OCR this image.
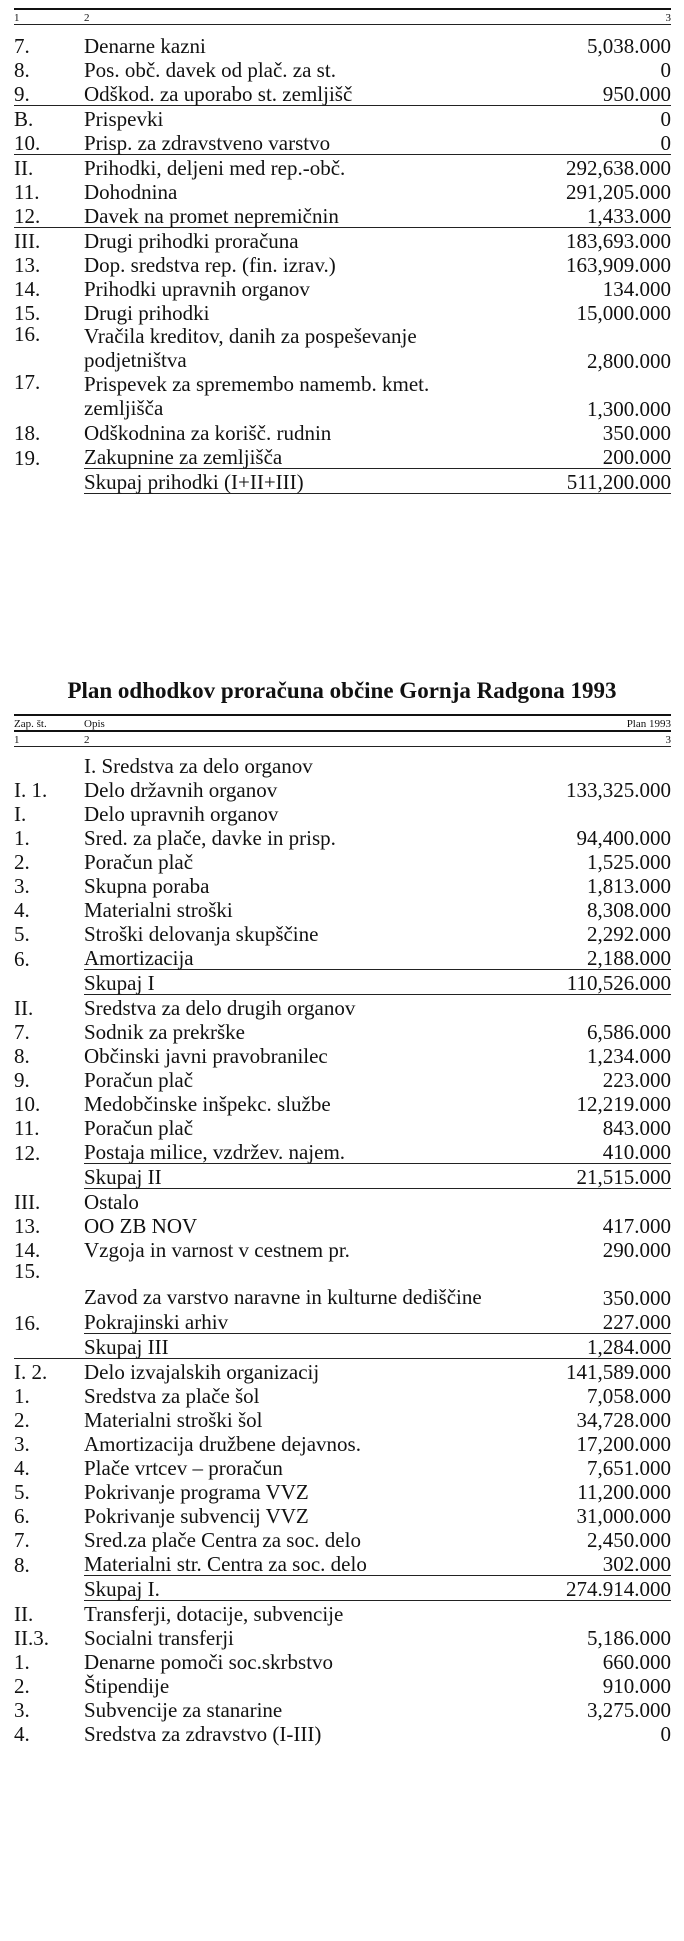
1	2	3

7.	Denarne kazni	5,038.000
8.	Pos. obč. davek od plač. za st.	0
9.	Odškod. za uporabo st. zemljišč	950.000
B.	Prispevki	0
10.	Prisp. za zdravstveno varstvo	0
II.	Prihodki, deljeni med rep.-obč.	292,638.000
11.	Dohodnina	291,205.000
12.	Davek na promet nepremičnin	1,433.000
III.	Drugi prihodki proračuna	183,693.000
13.	Dop. sredstva rep. (fin. izrav.)	163,909.000
14.	Prihodki upravnih organov	134.000
15.	Drugi prihodki	15,000.000
16.	Vračila kreditov, danih za pospeševanje podjetništva	2,800.000
17.	Prispevek za spremembo namemb. kmet. zemljišča	1,300.000
18.	Odškodnina za korišč. rudnin	350.000
19.	Zakupnine za zemljišča	200.000
	Skupaj prihodki (I+II+III)	511,200.000
Plan odhodkov proračuna občine Gornja Radgona 1993
Zap. št.	Opis	Plan 1993
1	2	3

	I. Sredstva za delo organov	
I. 1.	Delo državnih organov	133,325.000
I.	Delo upravnih organov	
1.	Sred. za plače, davke in prisp.	94,400.000
2.	Poračun plač	1,525.000
3.	Skupna poraba	1,813.000
4.	Materialni stroški	8,308.000
5.	Stroški delovanja skupščine	2,292.000
6.	Amortizacija	2,188.000
	Skupaj I	110,526.000
II.	Sredstva za delo drugih organov	
7.	Sodnik za prekrške	6,586.000
8.	Občinski javni pravobranilec	1,234.000
9.	Poračun plač	223.000
10.	Medobčinske inšpekc. službe	12,219.000
11.	Poračun plač	843.000
12.	Postaja milice, vzdržev. najem.	410.000
	Skupaj II	21,515.000
III.	Ostalo	
13.	OO ZB NOV	417.000
14.	Vzgoja in varnost v cestnem pr.	290.000
15.	Zavod za varstvo naravne in kulturne dediščine	350.000
16.	Pokrajinski arhiv	227.000
	Skupaj III	1,284.000
I. 2.	Delo izvajalskih organizacij	141,589.000
1.	Sredstva za plače šol	7,058.000
2.	Materialni stroški šol	34,728.000
3.	Amortizacija družbene dejavnos.	17,200.000
4.	Plače vrtcev – proračun	7,651.000
5.	Pokrivanje programa VVZ	11,200.000
6.	Pokrivanje subvencij VVZ	31,000.000
7.	Sred.za plače Centra za soc. delo	2,450.000
8.	Materialni str. Centra za soc. delo	302.000
	Skupaj I.	274.914.000
II.	Transferji, dotacije, subvencije	
II.3.	Socialni transferji	5,186.000
1.	Denarne pomoči soc.skrbstvo	660.000
2.	Štipendije	910.000
3.	Subvencije za stanarine	3,275.000
4.	Sredstva za zdravstvo (I-III)	0
